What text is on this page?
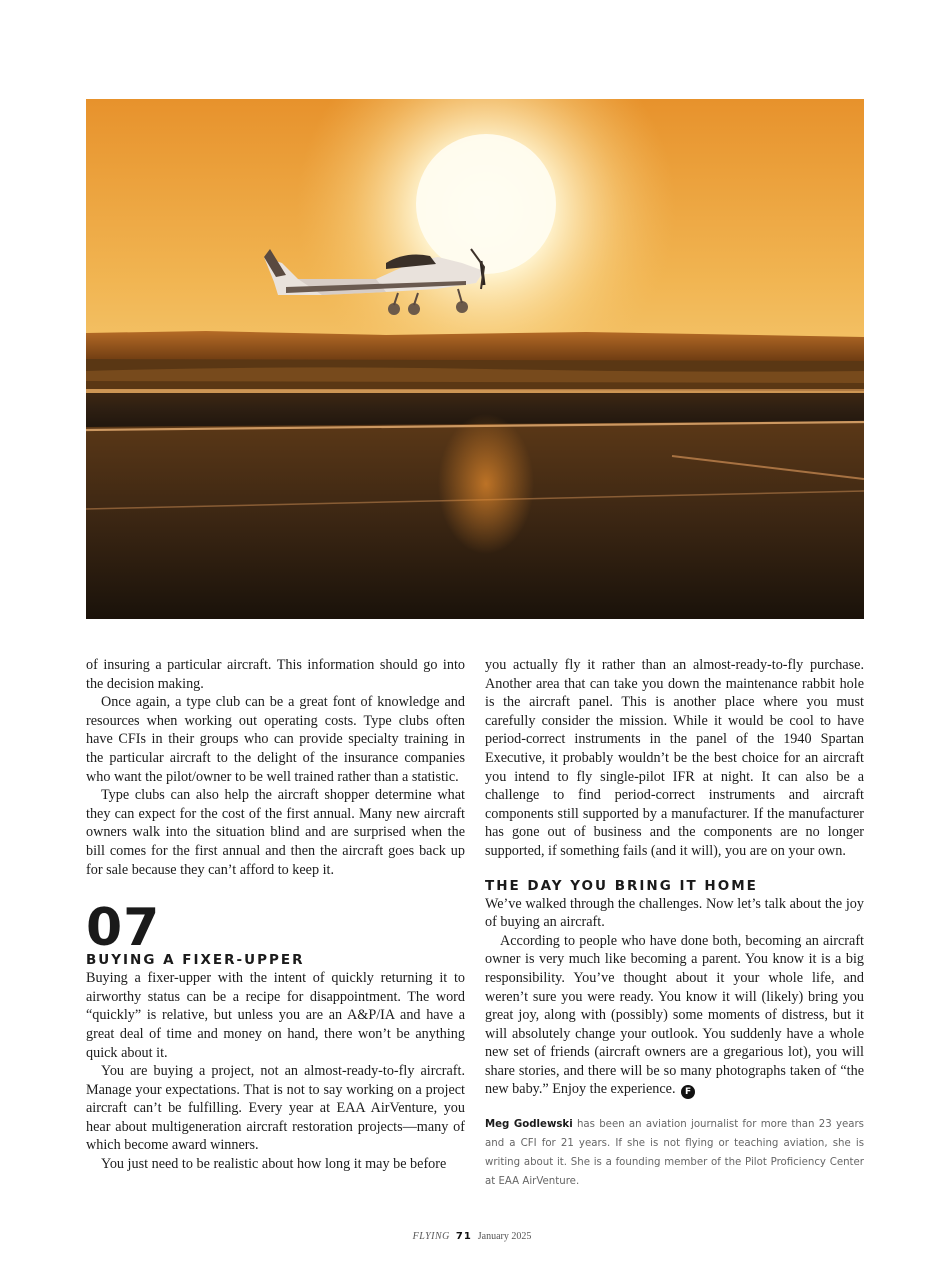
of insuring a particular aircraft. This information should go into the decision making.

Once again, a type club can be a great font of knowledge and resources when working out operating costs. Type clubs often have CFIs in their groups who can provide specialty training in the particular aircraft to the delight of the insurance companies who want the pilot/owner to be well trained rather than a statistic.

Type clubs can also help the aircraft shopper determine what they can expect for the cost of the first annual. Many new aircraft owners walk into the situation blind and are surprised when the bill comes for the first annual and then the aircraft goes back up for sale because they can’t afford to keep it.

07
BUYING A FIXER-UPPER

Buying a fixer-upper with the intent of quickly returning it to airworthy status can be a recipe for disappointment. The word “quickly” is relative, but unless you are an A&P/IA and have a great deal of time and money on hand, there won’t be anything quick about it.

You are buying a project, not an almost-ready-to-fly aircraft. Manage your expectations. That is not to say working on a project aircraft can’t be fulfilling. Every year at EAA AirVenture, you hear about multigeneration aircraft restoration projects—many of which become award winners.

You just need to be realistic about how long it may be before

you actually fly it rather than an almost-ready-to-fly purchase. Another area that can take you down the maintenance rabbit hole is the aircraft panel. This is another place where you must carefully consider the mission. While it would be cool to have period-correct instruments in the panel of the 1940 Spartan Executive, it probably wouldn’t be the best choice for an aircraft you intend to fly single-pilot IFR at night. It can also be a challenge to find period-correct instruments and aircraft components still supported by a manufacturer. If the manufacturer has gone out of business and the components are no longer supported, if something fails (and it will), you are on your own.

THE DAY YOU BRING IT HOME

We’ve walked through the challenges. Now let’s talk about the joy of buying an aircraft.

According to people who have done both, becoming an aircraft owner is very much like becoming a parent. You know it is a big responsibility. You’ve thought about it your whole life, and weren’t sure you were ready. You know it will (likely) bring you great joy, along with (possibly) some moments of distress, but it will absolutely change your outlook. You suddenly have a whole new set of friends (aircraft owners are a gregarious lot), you will share stories, and there will be so many photographs taken of “the new baby.” Enjoy the experience. F

Meg Godlewski has been an aviation journalist for more than 23 years and a CFI for 21 years. If she is not flying or teaching aviation, she is writing about it. She is a founding member of the Pilot Proficiency Center at EAA AirVenture.
FLYING 71 January 2025
